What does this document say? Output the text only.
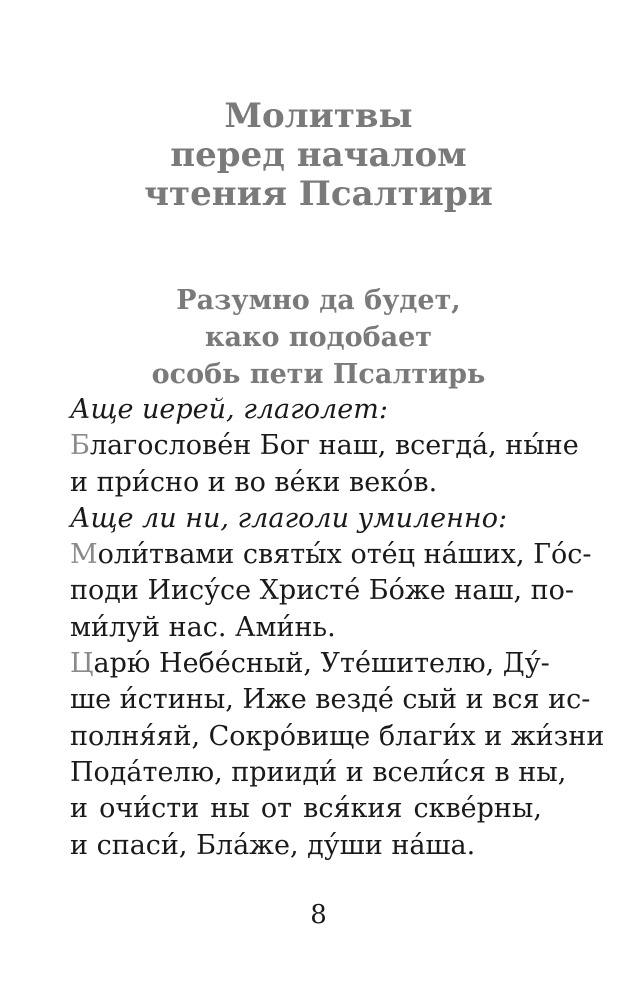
Молитвы
перед началом
чтения Псалтири
Разумно да будет,
како подобает
особь пети Псалтирь
Аще иерей, глаголет:
Благослове́н Бог наш, всегда́, ны́не
и при́сно и во ве́ки веко́в.
Аще ли ни, глаголи умиленно:
Моли́твами святы́х оте́ц на́ших, Го́с-
поди Иису́се Христе́ Бо́же наш, по-
ми́луй нас. Ами́нь.
Царю́ Небе́сный, Уте́шителю, Ду́-
ше и́стины, Иже везде́ сый и вся ис-
полня́яй, Сокро́вище благи́х и жи́зни
Пода́телю, прииди́ и всели́ся в ны,
и очи́сти ны от вся́кия скве́рны,
и спаси́, Бла́же, ду́ши на́ша.
8
